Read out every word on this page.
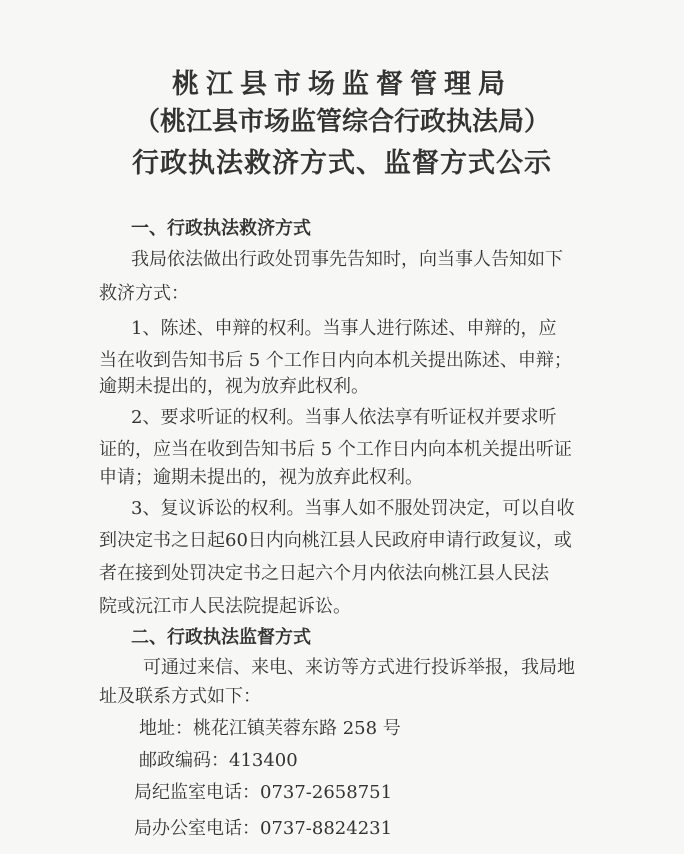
桃江县市场监督管理局
（桃江县市场监管综合行政执法局）
行政执法救济方式、监督方式公示
一、行政执法救济方式
我局依法做出行政处罚事先告知时，向当事人告知如下
救济方式：
1、陈述、申辩的权利。当事人进行陈述、申辩的，应
当在收到告知书后 5 个工作日内向本机关提出陈述、申辩；
逾期未提出的，视为放弃此权利。
2、要求听证的权利。当事人依法享有听证权并要求听
证的，应当在收到告知书后 5 个工作日内向本机关提出听证
申请；逾期未提出的，视为放弃此权利。
3、复议诉讼的权利。当事人如不服处罚决定，可以自收
到决定书之日起60日内向桃江县人民政府申请行政复议，或
者在接到处罚决定书之日起六个月内依法向桃江县人民法
院或沅江市人民法院提起诉讼。
二、行政执法监督方式
可通过来信、来电、来访等方式进行投诉举报，我局地
址及联系方式如下：
地址：桃花江镇芙蓉东路 258 号
邮政编码：413400
局纪监室电话：0737-2658751
局办公室电话：0737-8824231
